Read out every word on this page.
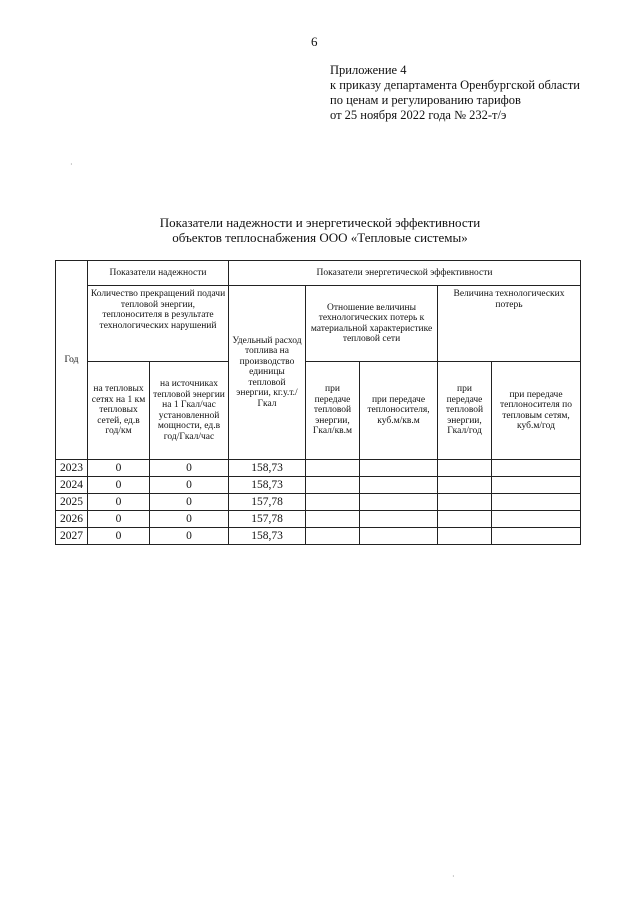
6
Приложение 4
к приказу департамента Оренбургской области
по ценам и регулированию тарифов
от 25 ноября 2022 года № 232-т/э
Показатели надежности и энергетической эффективности
объектов теплоснабжения ООО «Тепловые системы»
Год	Показатели надежности		Показатели энергетической эффективности				
	Количество прекращений подачи тепловой энергии, теплоносителя в результате технологических нарушений		Удельный расход топлива на производство единицы тепловой энергии, кг.у.т./Гкал	Отношение величины технологических потерь к материальной характеристике тепловой сети		Величина технологических потерь	
	на тепловых сетях на 1 км тепловых сетей, ед.в год/км	на источниках тепловой энергии на 1 Гкал/час установленной мощности, ед.в год/Гкал/час		при передаче тепловой энергии, Гкал/кв.м	при передаче теплоносителя, куб.м/кв.м	при передаче тепловой энергии, Гкал/год	при передаче теплоносителя по тепловым сетям, куб.м/год
2023	0	0	158,73				
2024	0	0	158,73				
2025	0	0	157,78				
2026	0	0	157,78				
2027	0	0	158,73				
·
·
